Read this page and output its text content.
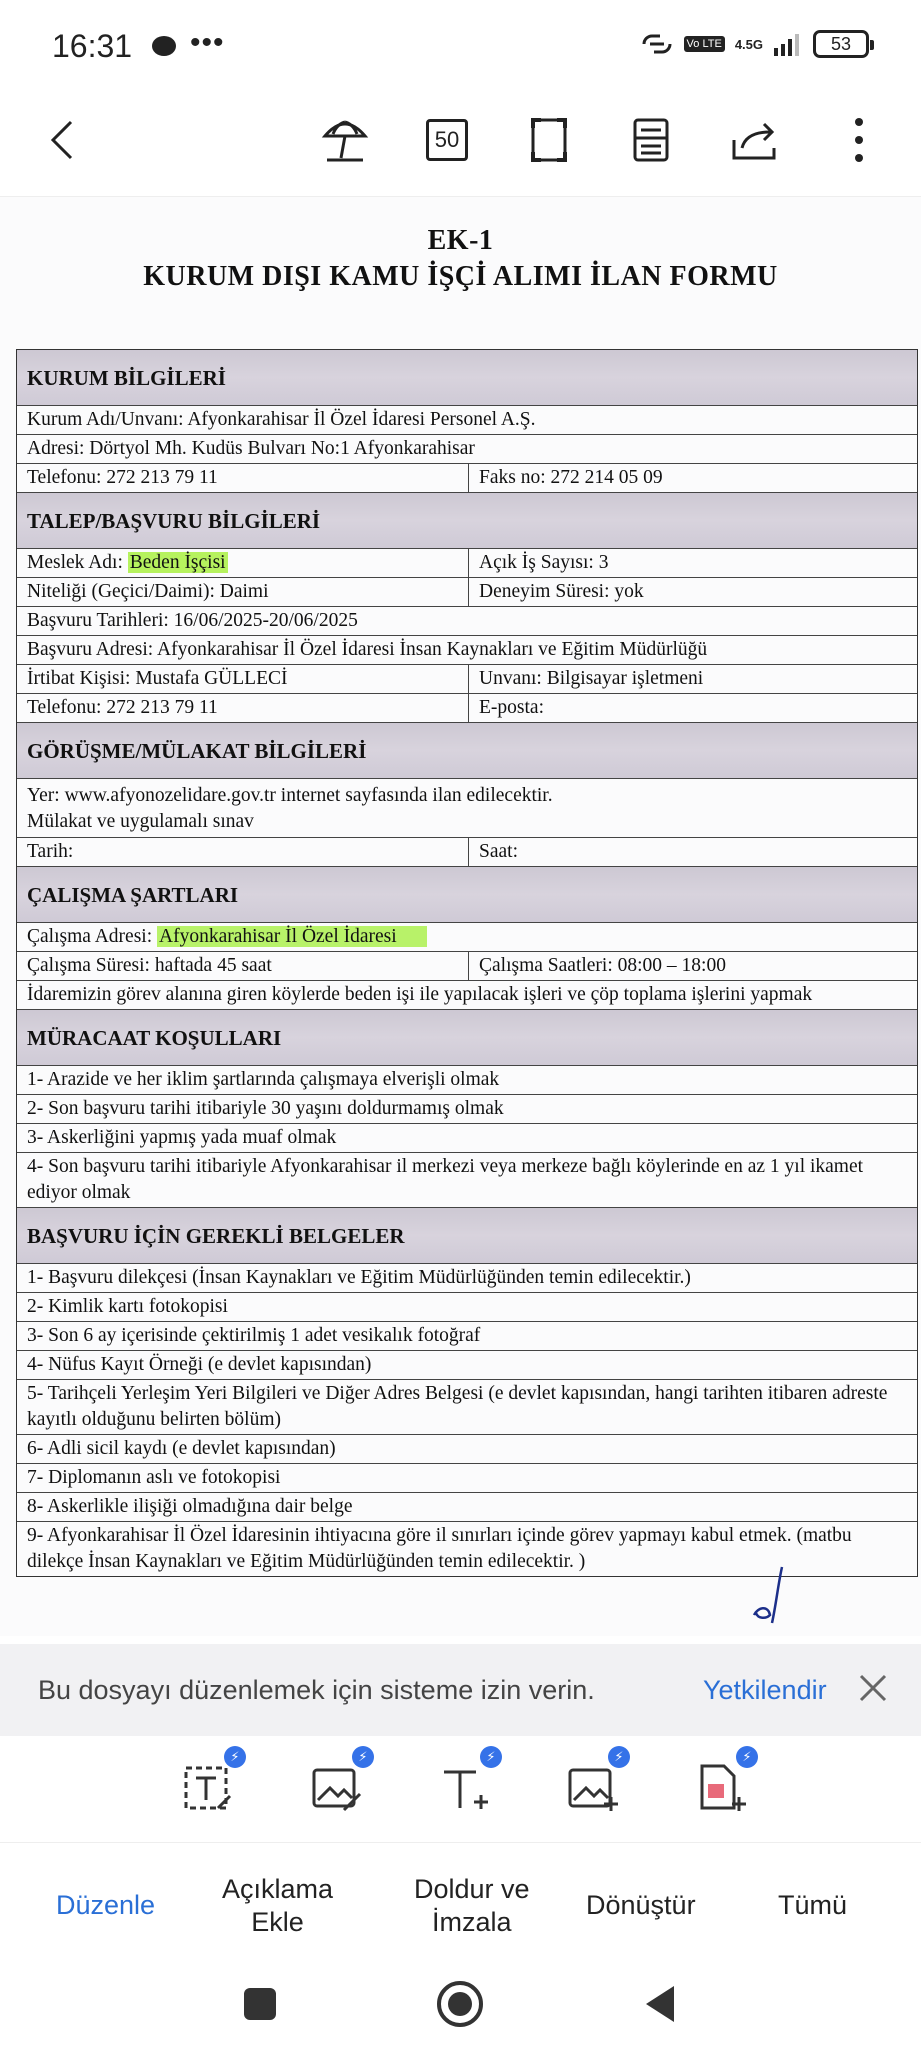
16:31 •••	Vo LTE 4.5G	53
50
EK-1
KURUM DIŞI KAMU İŞÇİ ALIMI İLAN FORMU
KURUM BİLGİLERİ
Kurum Adı/Unvanı: Afyonkarahisar İl Özel İdaresi Personel A.Ş.
Adresi: Dörtyol Mh. Kudüs Bulvarı No:1 Afyonkarahisar
Telefonu: 272 213 79 11	Faks no: 272 214 05 09
TALEP/BAŞVURU BİLGİLERİ
Meslek Adı: Beden İşçisi	Açık İş Sayısı: 3
Niteliği (Geçici/Daimi): Daimi	Deneyim Süresi: yok
Başvuru Tarihleri: 16/06/2025-20/06/2025
Başvuru Adresi: Afyonkarahisar İl Özel İdaresi İnsan Kaynakları ve Eğitim Müdürlüğü
İrtibat Kişisi: Mustafa GÜLLECİ	Unvanı: Bilgisayar işletmeni
Telefonu: 272 213 79 11	E-posta:
GÖRÜŞME/MÜLAKAT BİLGİLERİ
Yer: www.afyonozelidare.gov.tr internet sayfasında ilan edilecektir.
Mülakat ve uygulamalı sınav
Tarih:	Saat:
ÇALIŞMA ŞARTLARI
Çalışma Adresi: Afyonkarahisar İl Özel İdaresi
Çalışma Süresi: haftada 45 saat	Çalışma Saatleri: 08:00 – 18:00
İdaremizin görev alanına giren köylerde beden işi ile yapılacak işleri ve çöp toplama işlerini yapmak
MÜRACAAT KOŞULLARI
1- Arazide ve her iklim şartlarında çalışmaya elverişli olmak
2- Son başvuru tarihi itibariyle 30 yaşını doldurmamış olmak
3- Askerliğini yapmış yada muaf olmak
4- Son başvuru tarihi itibariyle Afyonkarahisar il merkezi veya merkeze bağlı köylerinde en az 1 yıl ikamet ediyor olmak
BAŞVURU İÇİN GEREKLİ BELGELER
1- Başvuru dilekçesi (İnsan Kaynakları ve Eğitim Müdürlüğünden temin edilecektir.)
2- Kimlik kartı fotokopisi
3- Son 6 ay içerisinde çektirilmiş 1 adet vesikalık fotoğraf
4- Nüfus Kayıt Örneği (e devlet kapısından)
5- Tarihçeli Yerleşim Yeri Bilgileri ve Diğer Adres Belgesi (e devlet kapısından, hangi tarihten itibaren adreste kayıtlı olduğunu belirten bölüm)
6- Adli sicil kaydı (e devlet kapısından)
7- Diplomanın aslı ve fotokopisi
8- Askerlikle ilişiği olmadığına dair belge
9- Afyonkarahisar İl Özel İdaresinin ihtiyacına göre il sınırları içinde görev yapmayı kabul etmek. (matbu dilekçe İnsan Kaynakları ve Eğitim Müdürlüğünden temin edilecektir. )
Bu dosyayı düzenlemek için sisteme izin verin.	Yetkilendir
⚡	⚡	⚡	⚡	⚡
Düzenle
Açıklama
Ekle
Doldur ve
İmzala
Dönüştür	Tümü
